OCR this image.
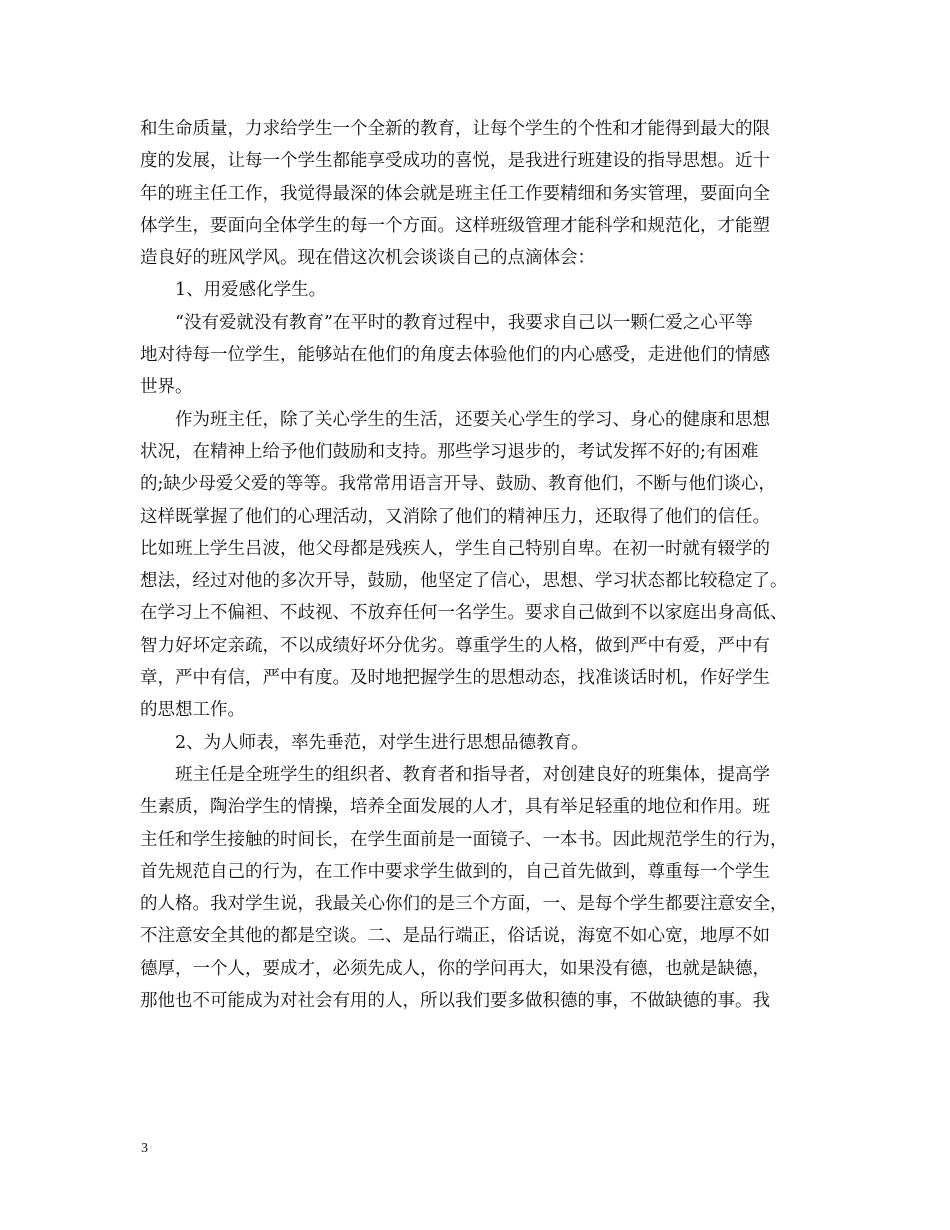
和生命质量，力求给学生一个全新的教育，让每个学生的个性和才能得到最大的限
度的发展，让每一个学生都能享受成功的喜悦，是我进行班建设的指导思想。近十
年的班主任工作，我觉得最深的体会就是班主任工作要精细和务实管理，要面向全
体学生，要面向全体学生的每一个方面。这样班级管理才能科学和规范化，才能塑
造良好的班风学风。现在借这次机会谈谈自己的点滴体会：
1、用爱感化学生。
“没有爱就没有教育”在平时的教育过程中，我要求自己以一颗仁爱之心平等
地对待每一位学生，能够站在他们的角度去体验他们的内心感受，走进他们的情感
世界。
作为班主任，除了关心学生的生活，还要关心学生的学习、身心的健康和思想
状况，在精神上给予他们鼓励和支持。那些学习退步的，考试发挥不好的;有困难
的;缺少母爱父爱的等等。我常常用语言开导、鼓励、教育他们，不断与他们谈心，
这样既掌握了他们的心理活动，又消除了他们的精神压力，还取得了他们的信任。
比如班上学生吕波，他父母都是残疾人，学生自己特别自卑。在初一时就有辍学的
想法，经过对他的多次开导，鼓励，他坚定了信心，思想、学习状态都比较稳定了。
在学习上不偏袒、不歧视、不放弃任何一名学生。要求自己做到不以家庭出身高低、
智力好坏定亲疏，不以成绩好坏分优劣。尊重学生的人格，做到严中有爱，严中有
章，严中有信，严中有度。及时地把握学生的思想动态，找准谈话时机，作好学生
的思想工作。
2、为人师表，率先垂范，对学生进行思想品德教育。
班主任是全班学生的组织者、教育者和指导者，对创建良好的班集体，提高学
生素质，陶治学生的情操，培养全面发展的人才，具有举足轻重的地位和作用。班
主任和学生接触的时间长，在学生面前是一面镜子、一本书。因此规范学生的行为，
首先规范自己的行为，在工作中要求学生做到的，自己首先做到，尊重每一个学生
的人格。我对学生说，我最关心你们的是三个方面，一、是每个学生都要注意安全，
不注意安全其他的都是空谈。二、是品行端正，俗话说，海宽不如心宽，地厚不如
德厚，一个人，要成才，必须先成人，你的学问再大，如果没有德，也就是缺德，
那他也不可能成为对社会有用的人，所以我们要多做积德的事，不做缺德的事。我
3
